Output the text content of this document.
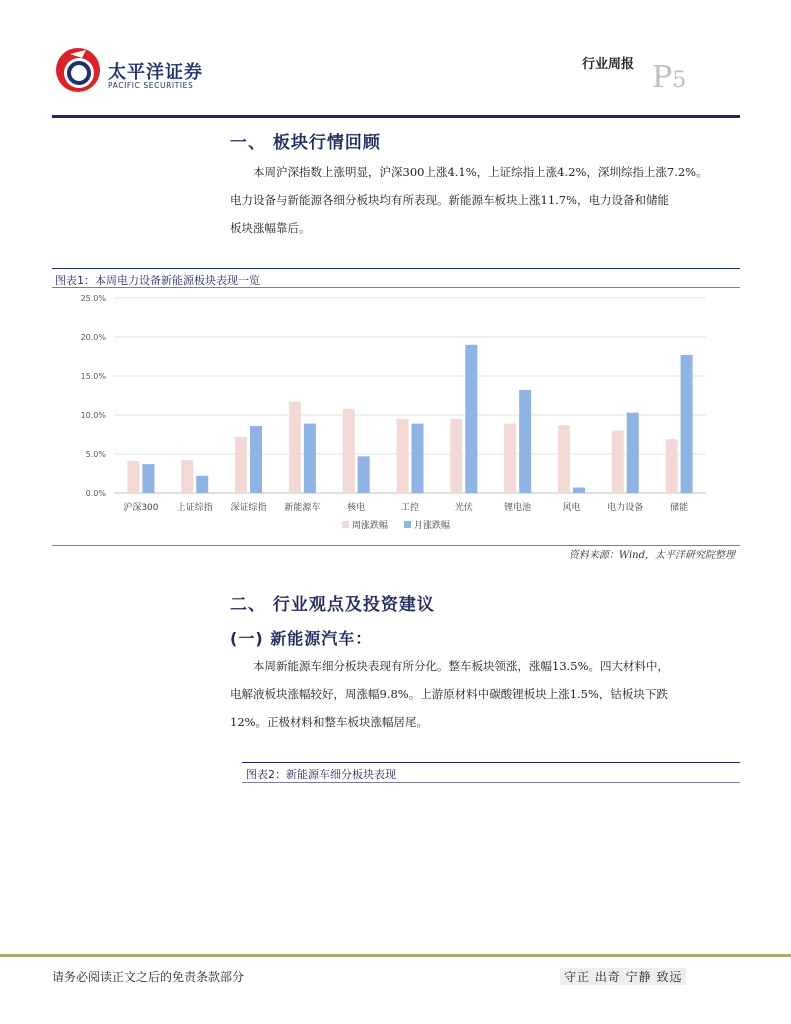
太平洋证券
PACIFIC SECURITIES
行业周报 P5
一、 板块行情回顾
本周沪深指数上涨明显，沪深300上涨4.1%，上证综指上涨4.2%，深圳综指上涨7.2%。
电力设备与新能源各细分板块均有所表现。新能源车板块上涨11.7%，电力设备和储能
板块涨幅靠后。
图表1：本周电力设备新能源板块表现一览
0.0%
5.0%
10.0%
15.0%
20.0%
25.0%
沪深300 上证综指 深证综指 新能源车	核电	工控	光伏	锂电池	风电	电力设备	储能
周涨跌幅	月涨跌幅
资料来源：Wind，太平洋研究院整理
二、 行业观点及投资建议
(一) 新能源汽车：
本周新能源车细分板块表现有所分化。整车板块领涨，涨幅13.5%。四大材料中，
电解液板块涨幅较好，周涨幅9.8%。上游原材料中碳酸锂板块上涨1.5%，钴板块下跌
12%。正极材料和整车板块涨幅居尾。
图表2：新能源车细分板块表现
请务必阅读正文之后的免责条款部分	守正 出奇 宁静 致远
